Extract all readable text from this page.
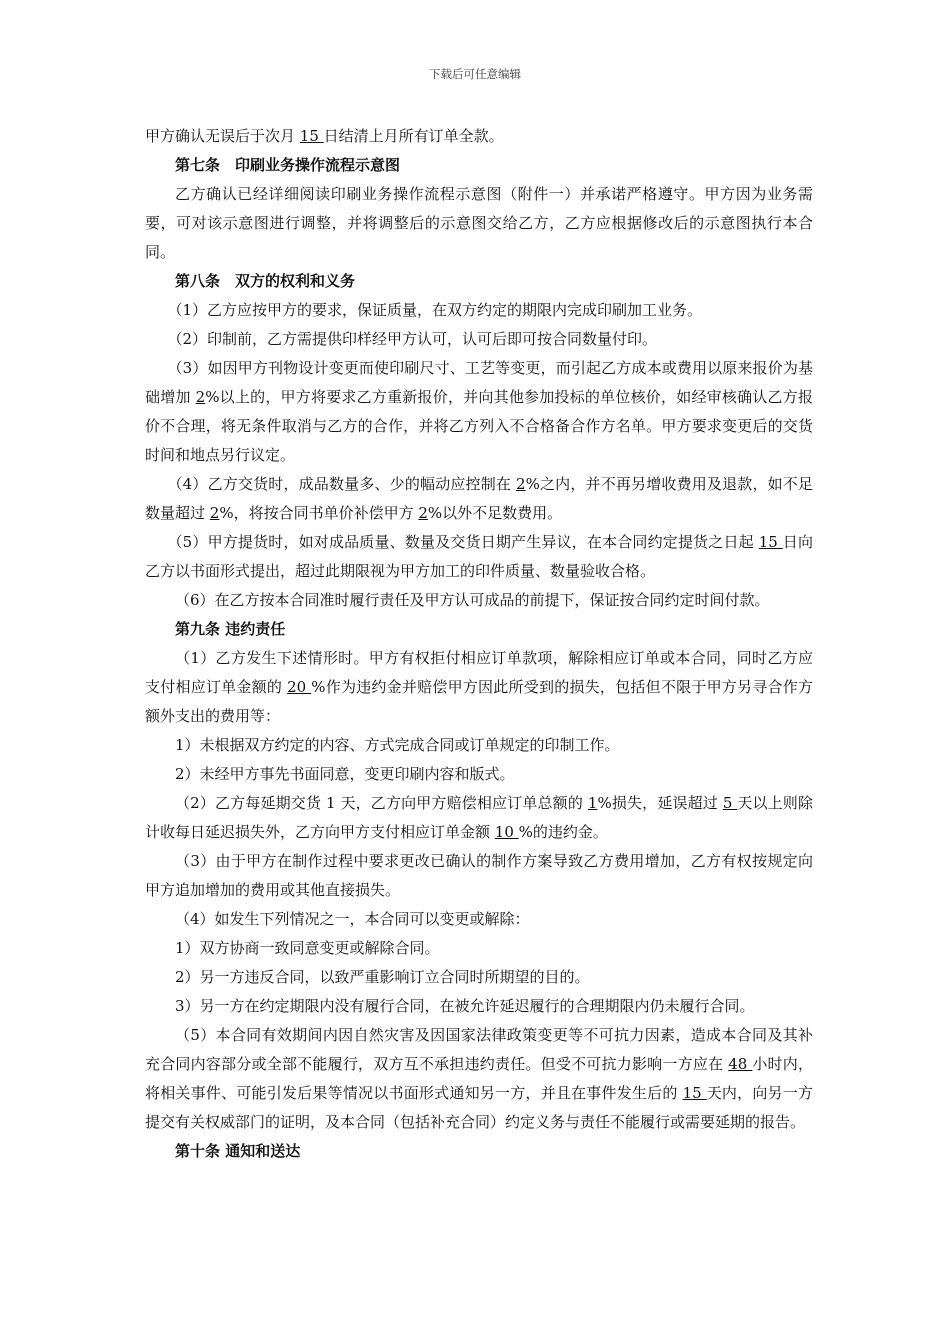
下载后可任意编辑

甲方确认无误后于次月 15 日结清上月所有订单全款。

第七条　印刷业务操作流程示意图

乙方确认已经详细阅读印刷业务操作流程示意图（附件一）并承诺严格遵守。甲方因为业务需要，可对该示意图进行调整，并将调整后的示意图交给乙方，乙方应根据修改后的示意图执行本合同。

第八条　双方的权利和义务

（1）乙方应按甲方的要求，保证质量，在双方约定的期限内完成印刷加工业务。

（2）印制前，乙方需提供印样经甲方认可，认可后即可按合同数量付印。

（3）如因甲方刊物设计变更而使印刷尺寸、工艺等变更，而引起乙方成本或费用以原来报价为基础增加 2%以上的，甲方将要求乙方重新报价，并向其他参加投标的单位核价，如经审核确认乙方报价不合理，将无条件取消与乙方的合作，并将乙方列入不合格备合作方名单。甲方要求变更后的交货时间和地点另行议定。

（4）乙方交货时，成品数量多、少的幅动应控制在 2%之内，并不再另增收费用及退款，如不足数量超过 2%，将按合同书单价补偿甲方 2%以外不足数费用。

（5）甲方提货时，如对成品质量、数量及交货日期产生异议，在本合同约定提货之日起 15 日向乙方以书面形式提出，超过此期限视为甲方加工的印件质量、数量验收合格。

（6）在乙方按本合同准时履行责任及甲方认可成品的前提下，保证按合同约定时间付款。

第九条 违约责任

（1）乙方发生下述情形时。甲方有权拒付相应订单款项，解除相应订单或本合同，同时乙方应支付相应订单金额的 20 %作为违约金并赔偿甲方因此所受到的损失，包括但不限于甲方另寻合作方额外支出的费用等：

1）未根据双方约定的内容、方式完成合同或订单规定的印制工作。

2）未经甲方事先书面同意，变更印刷内容和版式。

（2）乙方每延期交货 1 天，乙方向甲方赔偿相应订单总额的 1%损失，延误超过 5 天以上则除计收每日延迟损失外，乙方向甲方支付相应订单金额 10 %的违约金。

（3）由于甲方在制作过程中要求更改已确认的制作方案导致乙方费用增加，乙方有权按规定向甲方追加增加的费用或其他直接损失。

（4）如发生下列情况之一，本合同可以变更或解除：

1）双方协商一致同意变更或解除合同。

2）另一方违反合同，以致严重影响订立合同时所期望的目的。

3）另一方在约定期限内没有履行合同，在被允许延迟履行的合理期限内仍未履行合同。

（5）本合同有效期间内因自然灾害及因国家法律政策变更等不可抗力因素，造成本合同及其补充合同内容部分或全部不能履行，双方互不承担违约责任。但受不可抗力影响一方应在 48 小时内，将相关事件、可能引发后果等情况以书面形式通知另一方，并且在事件发生后的 15 天内，向另一方提交有关权威部门的证明，及本合同（包括补充合同）约定义务与责任不能履行或需要延期的报告。

第十条 通知和送达
